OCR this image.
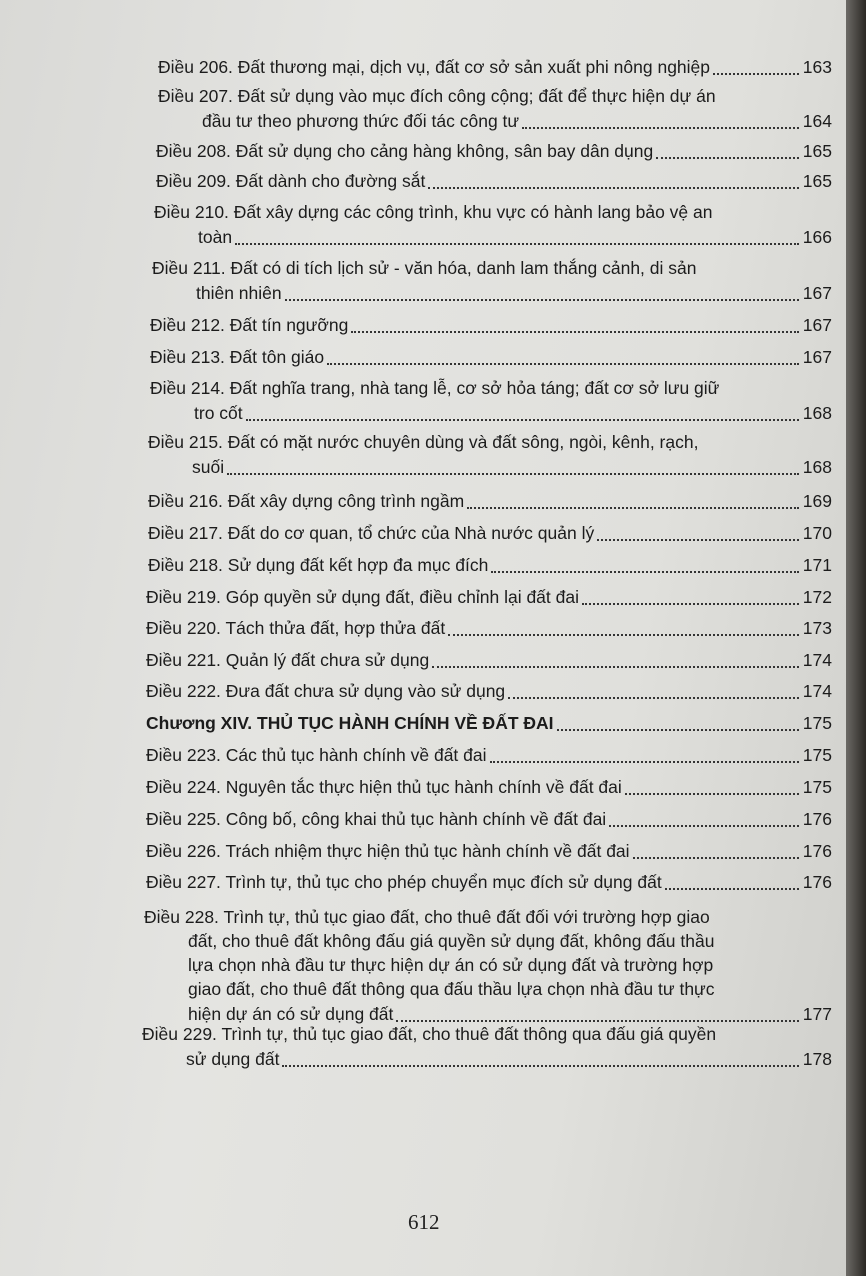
Điều 206. Đất thương mại, dịch vụ, đất cơ sở sản xuất phi nông nghiệp	163
Điều 207. Đất sử dụng vào mục đích công cộng; đất để thực hiện dự án
đầu tư theo phương thức đối tác công tư	164
Điều 208. Đất sử dụng cho cảng hàng không, sân bay dân dụng	165
Điều 209. Đất dành cho đường sắt	165
Điều 210. Đất xây dựng các công trình, khu vực có hành lang bảo vệ an
toàn	166
Điều 211. Đất có di tích lịch sử - văn hóa, danh lam thắng cảnh, di sản
thiên nhiên	167
Điều 212. Đất tín ngưỡng	167
Điều 213. Đất tôn giáo	167
Điều 214. Đất nghĩa trang, nhà tang lễ, cơ sở hỏa táng; đất cơ sở lưu giữ
tro cốt	168
Điều 215. Đất có mặt nước chuyên dùng và đất sông, ngòi, kênh, rạch,
suối	168
Điều 216. Đất xây dựng công trình ngầm	169
Điều 217. Đất do cơ quan, tổ chức của Nhà nước quản lý	170
Điều 218. Sử dụng đất kết hợp đa mục đích	171
Điều 219. Góp quyền sử dụng đất, điều chỉnh lại đất đai	172
Điều 220. Tách thửa đất, hợp thửa đất	173
Điều 221. Quản lý đất chưa sử dụng	174
Điều 222. Đưa đất chưa sử dụng vào sử dụng	174
Chương XIV. THỦ TỤC HÀNH CHÍNH VỀ ĐẤT ĐAI	175
Điều 223. Các thủ tục hành chính về đất đai	175
Điều 224. Nguyên tắc thực hiện thủ tục hành chính về đất đai	175
Điều 225. Công bố, công khai thủ tục hành chính về đất đai	176
Điều 226. Trách nhiệm thực hiện thủ tục hành chính về đất đai	176
Điều 227. Trình tự, thủ tục cho phép chuyển mục đích sử dụng đất	176
Điều 228. Trình tự, thủ tục giao đất, cho thuê đất đối với trường hợp giao
đất, cho thuê đất không đấu giá quyền sử dụng đất, không đấu thầu
lựa chọn nhà đầu tư thực hiện dự án có sử dụng đất và trường hợp
giao đất, cho thuê đất thông qua đấu thầu lựa chọn nhà đầu tư thực
hiện dự án có sử dụng đất	177
Điều 229. Trình tự, thủ tục giao đất, cho thuê đất thông qua đấu giá quyền
sử dụng đất	178
612
